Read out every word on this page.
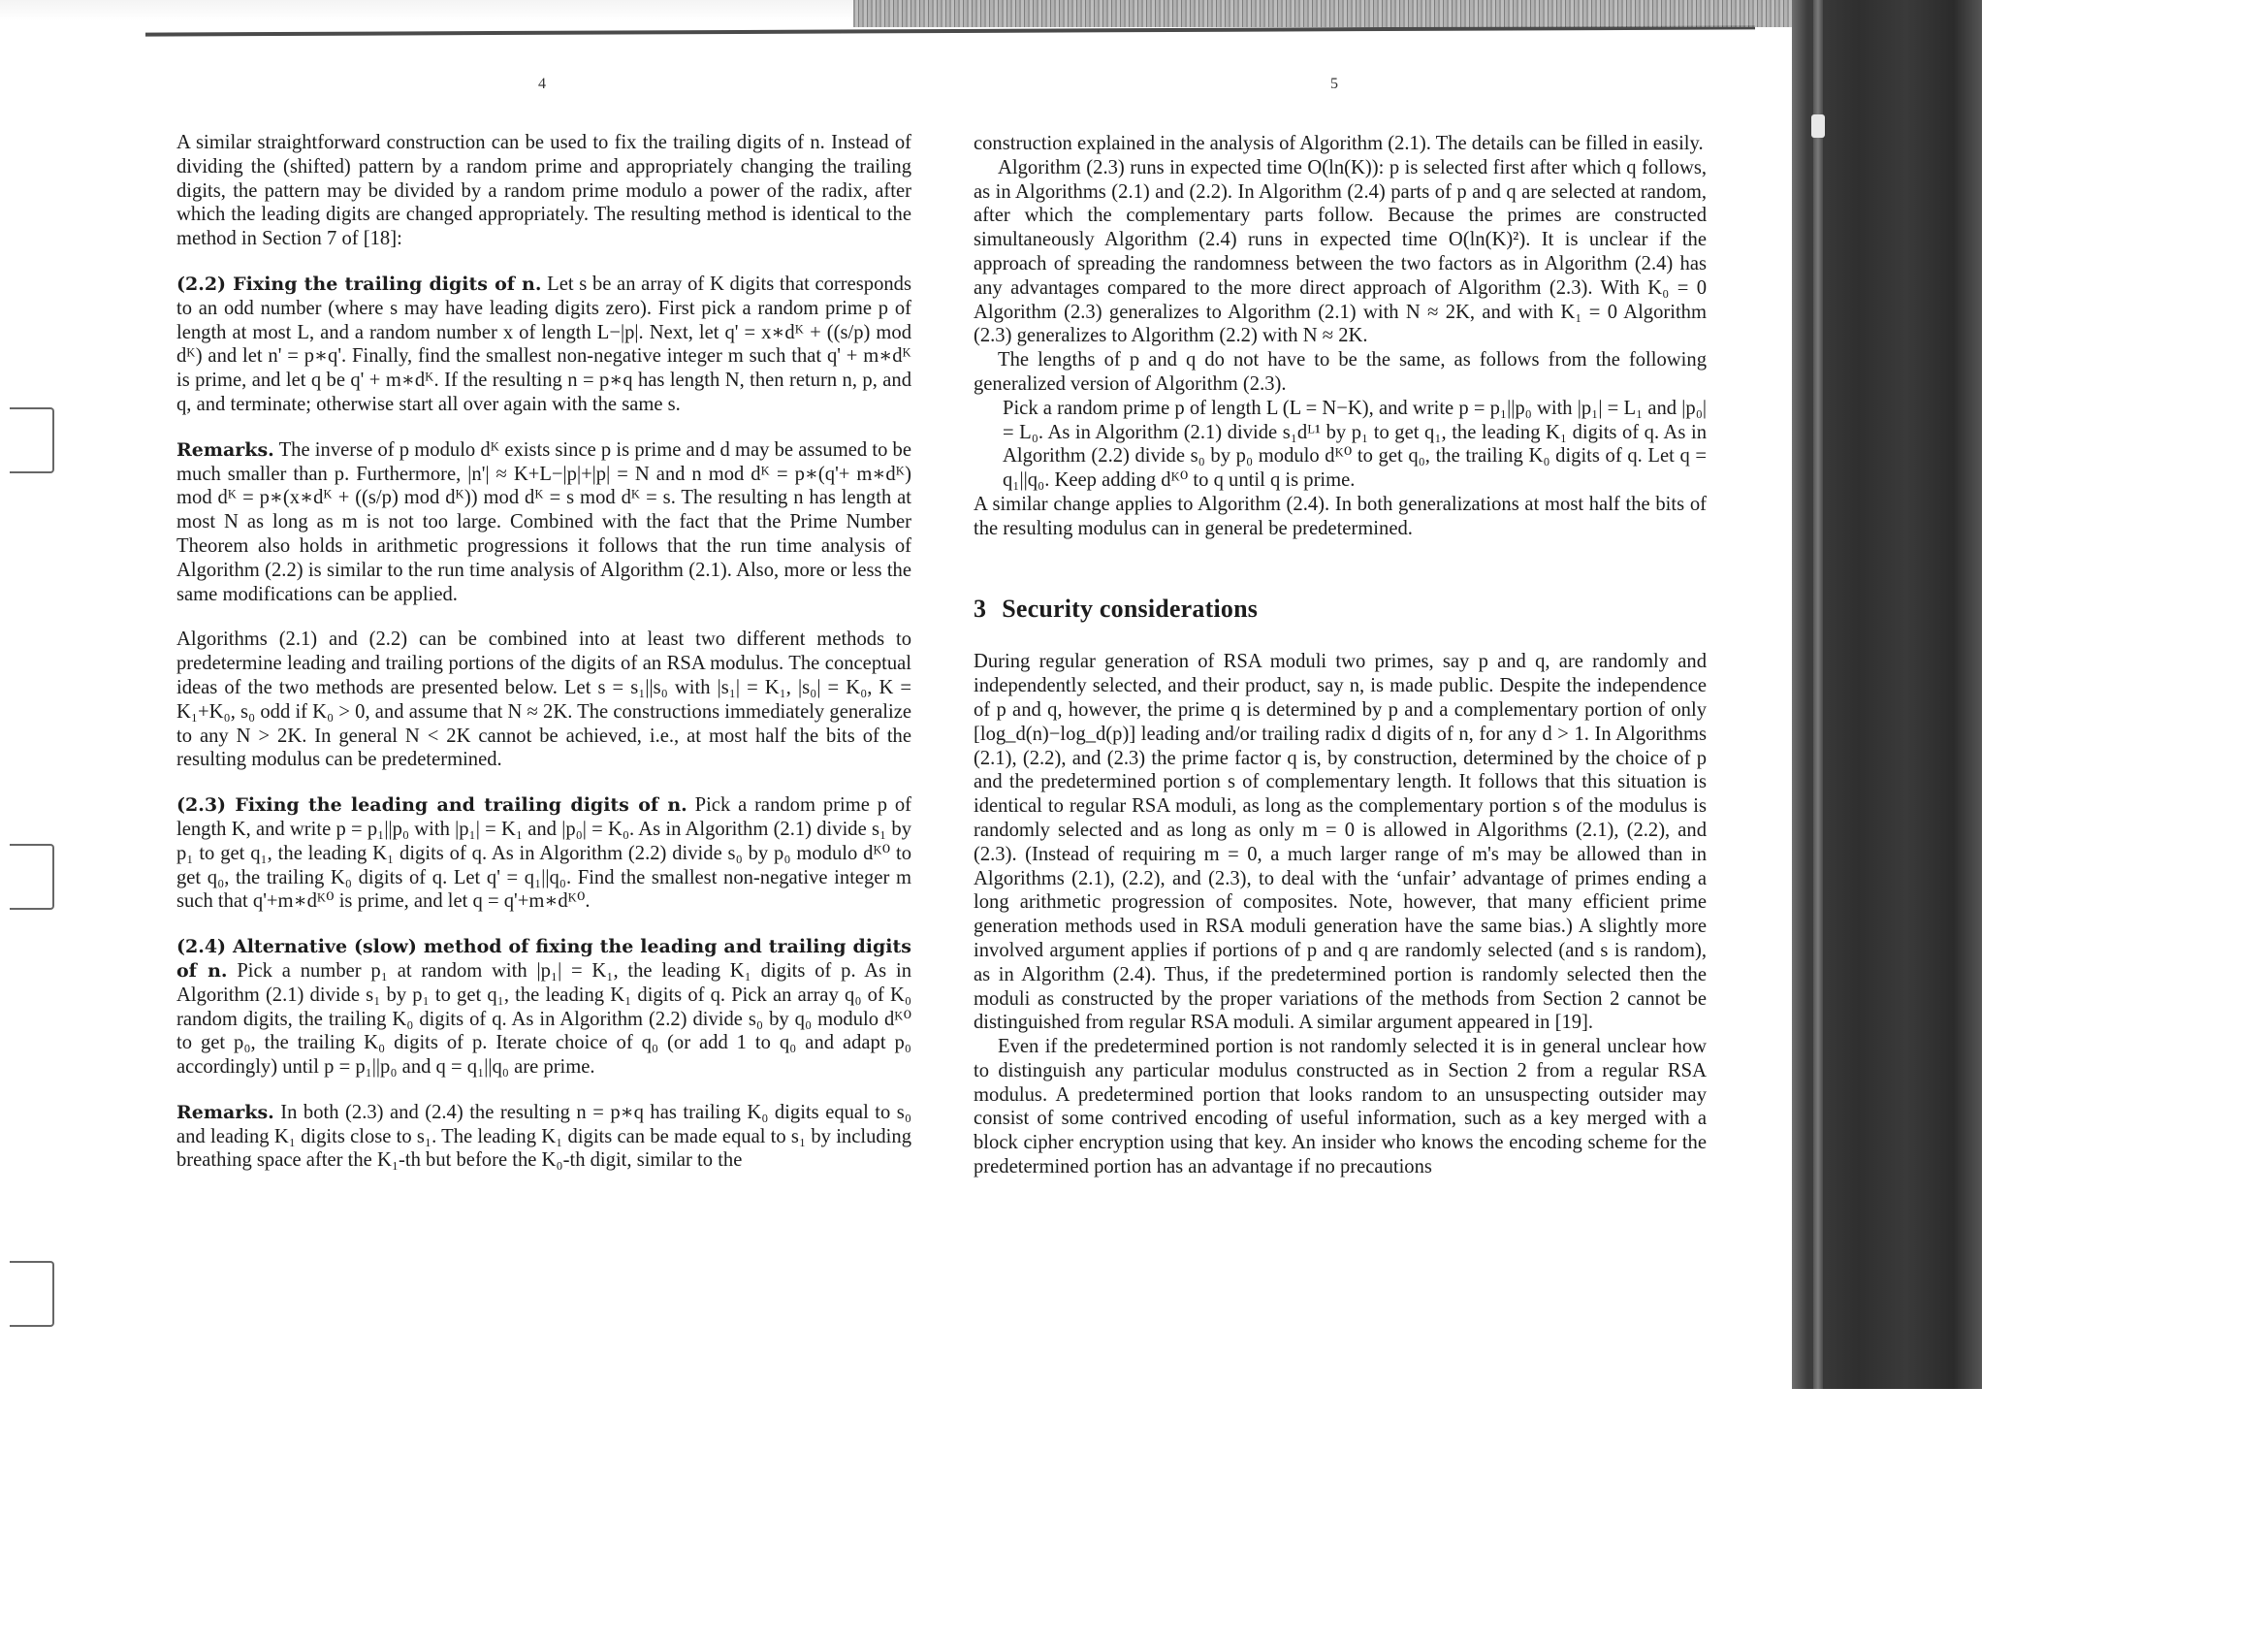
4	5

A similar straightforward construction can be used to fix the trailing digits of n. Instead of dividing the (shifted) pattern by a random prime and appropriately changing the trailing digits, the pattern may be divided by a random prime modulo a power of the radix, after which the leading digits are changed appropriately. The resulting method is identical to the method in Section 7 of [18]:

(2.2) Fixing the trailing digits of n. Let s be an array of K digits that corresponds to an odd number (where s may have leading digits zero). First pick a random prime p of length at most L, and a random number x of length L−|p|. Next, let q' = x∗dᴷ + ((s/p) mod dᴷ) and let n' = p∗q'. Finally, find the smallest non-negative integer m such that q' + m∗dᴷ is prime, and let q be q' + m∗dᴷ. If the resulting n = p∗q has length N, then return n, p, and q, and terminate; otherwise start all over again with the same s.

Remarks. The inverse of p modulo dᴷ exists since p is prime and d may be assumed to be much smaller than p. Furthermore, |n'| ≈ K+L−|p|+|p| = N and n mod dᴷ = p∗(q'+ m∗dᴷ) mod dᴷ = p∗(x∗dᴷ + ((s/p) mod dᴷ)) mod dᴷ = s mod dᴷ = s. The resulting n has length at most N as long as m is not too large. Combined with the fact that the Prime Number Theorem also holds in arithmetic progressions it follows that the run time analysis of Algorithm (2.2) is similar to the run time analysis of Algorithm (2.1). Also, more or less the same modifications can be applied.

Algorithms (2.1) and (2.2) can be combined into at least two different methods to predetermine leading and trailing portions of the digits of an RSA modulus. The conceptual ideas of the two methods are presented below. Let s = s₁||s₀ with |s₁| = K₁, |s₀| = K₀, K = K₁+K₀, s₀ odd if K₀ > 0, and assume that N ≈ 2K. The constructions immediately generalize to any N > 2K. In general N < 2K cannot be achieved, i.e., at most half the bits of the resulting modulus can be predetermined.

(2.3) Fixing the leading and trailing digits of n. Pick a random prime p of length K, and write p = p₁||p₀ with |p₁| = K₁ and |p₀| = K₀. As in Algorithm (2.1) divide s₁ by p₁ to get q₁, the leading K₁ digits of q. As in Algorithm (2.2) divide s₀ by p₀ modulo dᴷ⁰ to get q₀, the trailing K₀ digits of q. Let q' = q₁||q₀. Find the smallest non-negative integer m such that q'+m∗dᴷ⁰ is prime, and let q = q'+m∗dᴷ⁰.

(2.4) Alternative (slow) method of fixing the leading and trailing digits of n. Pick a number p₁ at random with |p₁| = K₁, the leading K₁ digits of p. As in Algorithm (2.1) divide s₁ by p₁ to get q₁, the leading K₁ digits of q. Pick an array q₀ of K₀ random digits, the trailing K₀ digits of q. As in Algorithm (2.2) divide s₀ by q₀ modulo dᴷ⁰ to get p₀, the trailing K₀ digits of p. Iterate choice of q₀ (or add 1 to q₀ and adapt p₀ accordingly) until p = p₁||p₀ and q = q₁||q₀ are prime.

Remarks. In both (2.3) and (2.4) the resulting n = p∗q has trailing K₀ digits equal to s₀ and leading K₁ digits close to s₁. The leading K₁ digits can be made equal to s₁ by including breathing space after the K₁-th but before the K₀-th digit, similar to the

construction explained in the analysis of Algorithm (2.1). The details can be filled in easily.

Algorithm (2.3) runs in expected time O(ln(K)): p is selected first after which q follows, as in Algorithms (2.1) and (2.2). In Algorithm (2.4) parts of p and q are selected at random, after which the complementary parts follow. Because the primes are constructed simultaneously Algorithm (2.4) runs in expected time O(ln(K)²). It is unclear if the approach of spreading the randomness between the two factors as in Algorithm (2.4) has any advantages compared to the more direct approach of Algorithm (2.3). With K₀ = 0 Algorithm (2.3) generalizes to Algorithm (2.1) with N ≈ 2K, and with K₁ = 0 Algorithm (2.3) generalizes to Algorithm (2.2) with N ≈ 2K.

The lengths of p and q do not have to be the same, as follows from the following generalized version of Algorithm (2.3).

Pick a random prime p of length L (L = N−K), and write p = p₁||p₀ with |p₁| = L₁ and |p₀| = L₀. As in Algorithm (2.1) divide s₁dᴸ¹ by p₁ to get q₁, the leading K₁ digits of q. As in Algorithm (2.2) divide s₀ by p₀ modulo dᴷ⁰ to get q₀, the trailing K₀ digits of q. Let q = q₁||q₀. Keep adding dᴷ⁰ to q until q is prime.

A similar change applies to Algorithm (2.4). In both generalizations at most half the bits of the resulting modulus can in general be predetermined.

3 Security considerations

During regular generation of RSA moduli two primes, say p and q, are randomly and independently selected, and their product, say n, is made public. Despite the independence of p and q, however, the prime q is determined by p and a complementary portion of only [log_d(n)−log_d(p)] leading and/or trailing radix d digits of n, for any d > 1. In Algorithms (2.1), (2.2), and (2.3) the prime factor q is, by construction, determined by the choice of p and the predetermined portion s of complementary length. It follows that this situation is identical to regular RSA moduli, as long as the complementary portion s of the modulus is randomly selected and as long as only m = 0 is allowed in Algorithms (2.1), (2.2), and (2.3). (Instead of requiring m = 0, a much larger range of m's may be allowed than in Algorithms (2.1), (2.2), and (2.3), to deal with the ‘unfair’ advantage of primes ending a long arithmetic progression of composites. Note, however, that many efficient prime generation methods used in RSA moduli generation have the same bias.) A slightly more involved argument applies if portions of p and q are randomly selected (and s is random), as in Algorithm (2.4). Thus, if the predetermined portion is randomly selected then the moduli as constructed by the proper variations of the methods from Section 2 cannot be distinguished from regular RSA moduli. A similar argument appeared in [19].

Even if the predetermined portion is not randomly selected it is in general unclear how to distinguish any particular modulus constructed as in Section 2 from a regular RSA modulus. A predetermined portion that looks random to an unsuspecting outsider may consist of some contrived encoding of useful information, such as a key merged with a block cipher encryption using that key. An insider who knows the encoding scheme for the predetermined portion has an advantage if no precautions
